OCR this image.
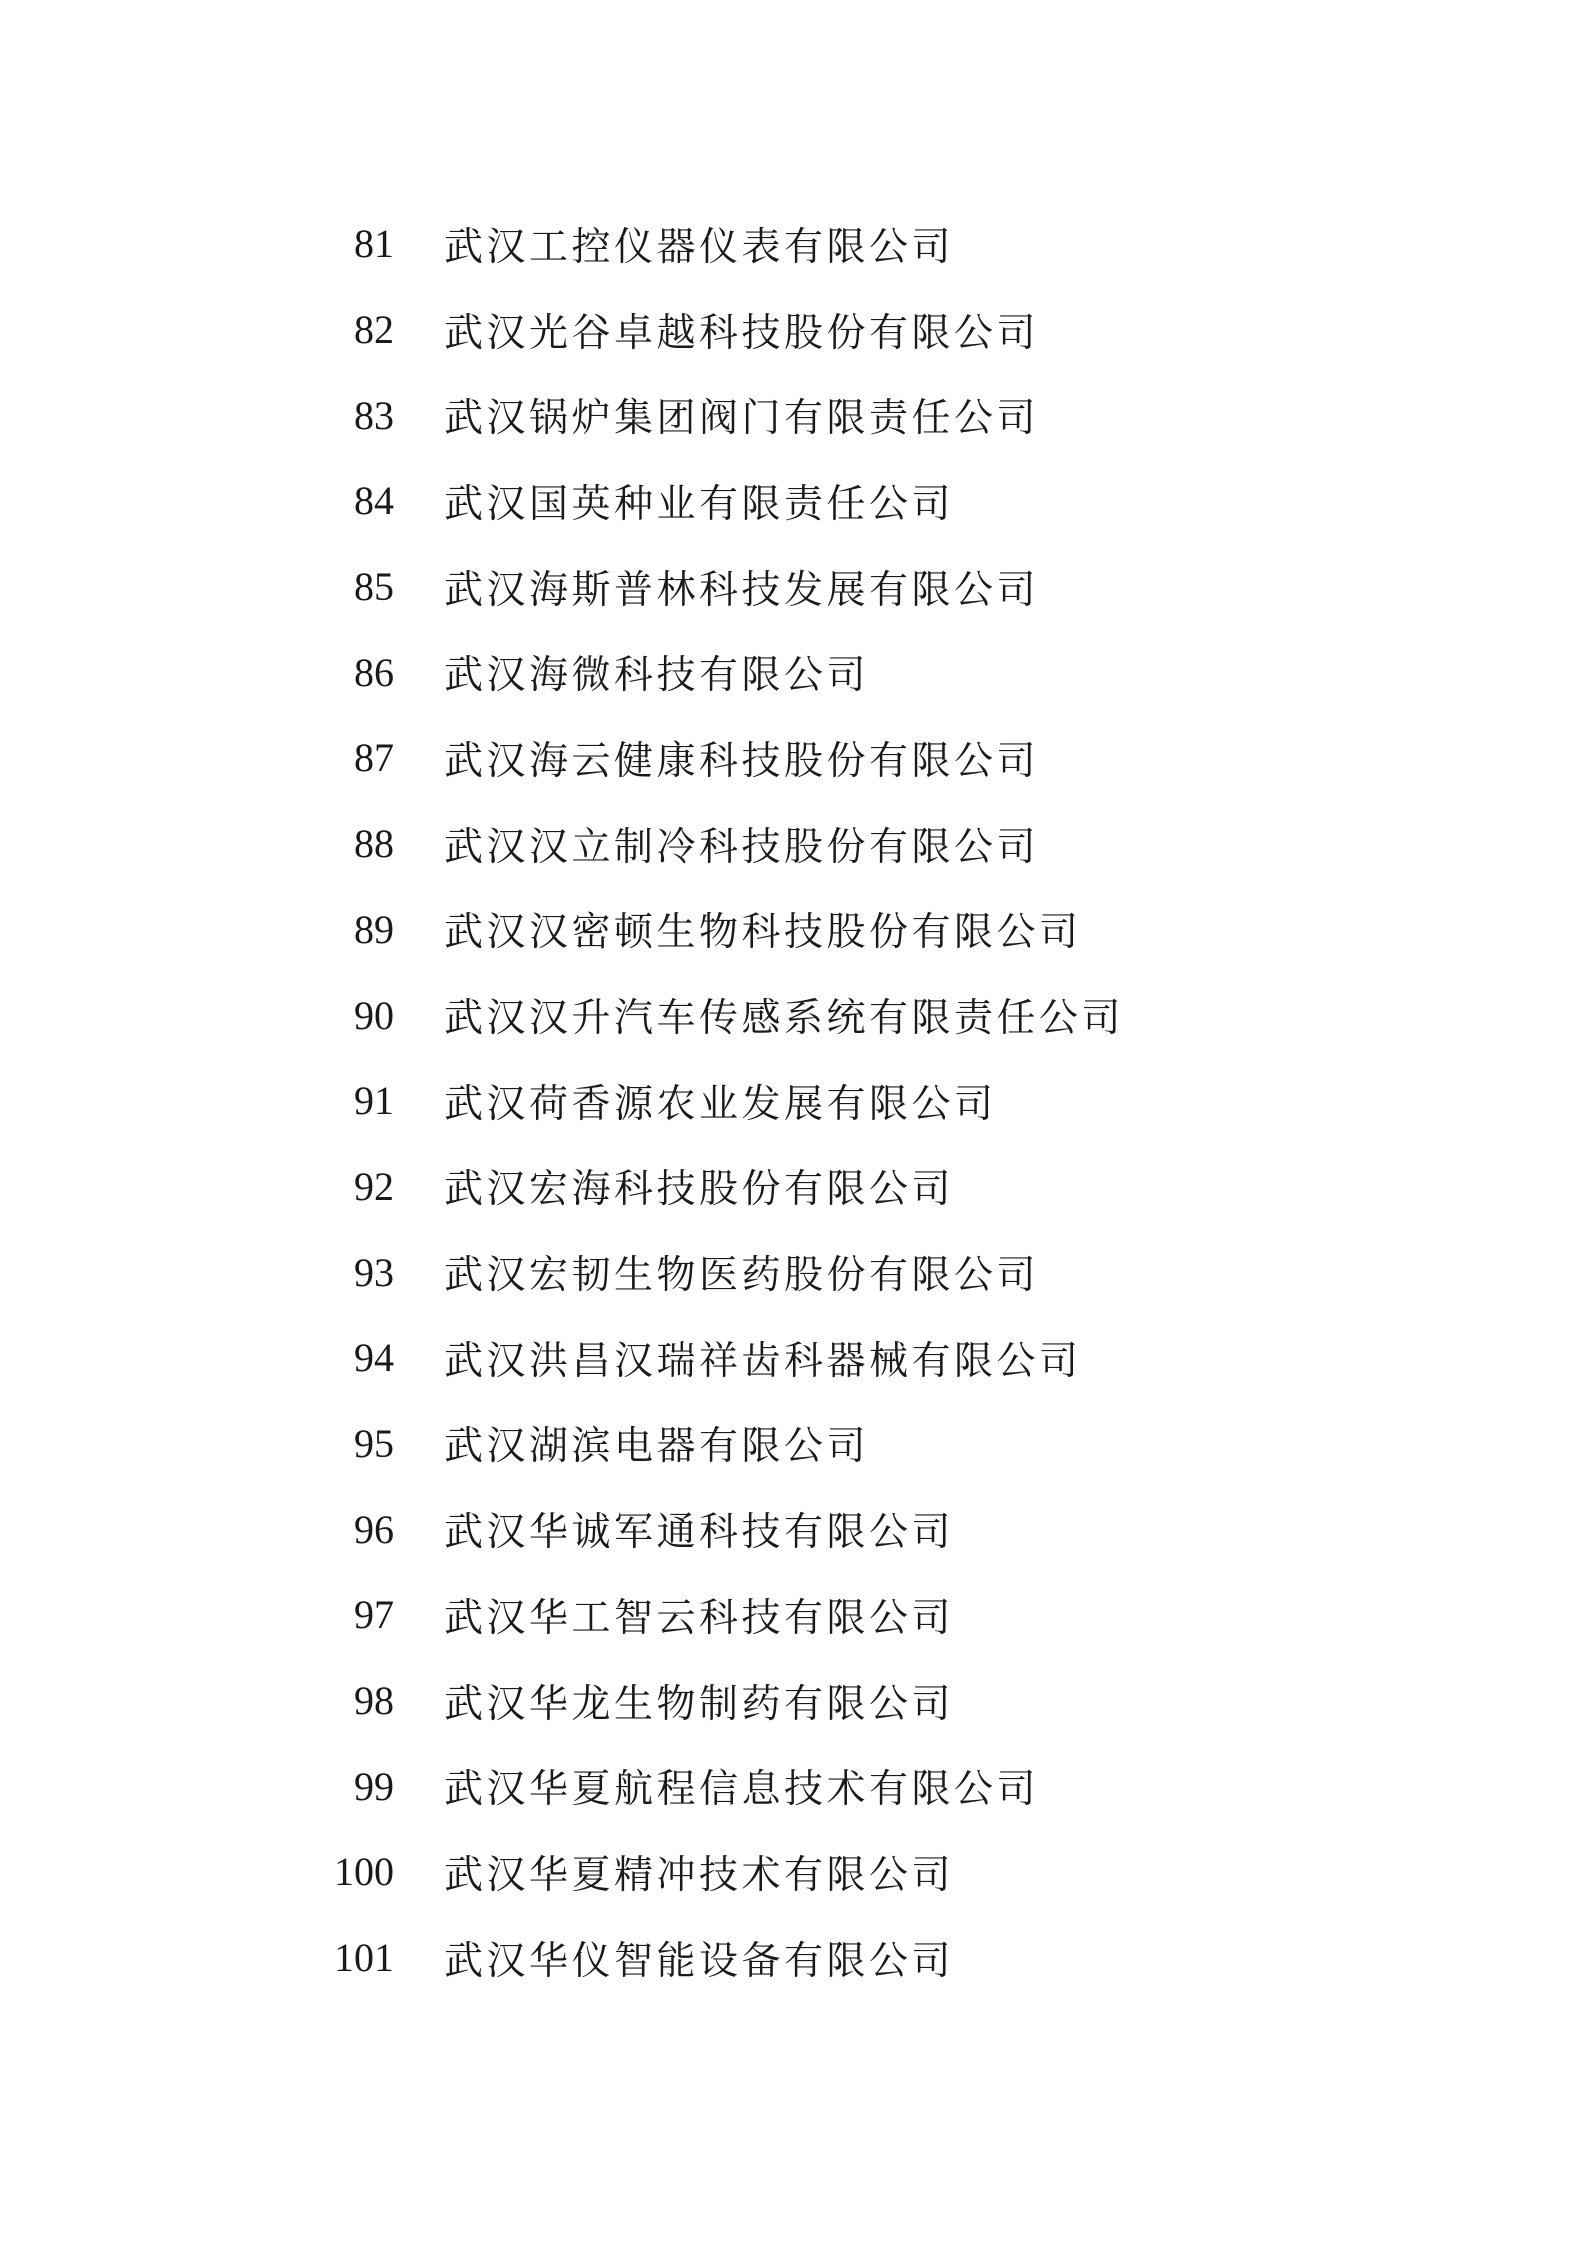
81 武汉工控仪器仪表有限公司
82 武汉光谷卓越科技股份有限公司
83 武汉锅炉集团阀门有限责任公司
84 武汉国英种业有限责任公司
85 武汉海斯普林科技发展有限公司
86 武汉海微科技有限公司
87 武汉海云健康科技股份有限公司
88 武汉汉立制冷科技股份有限公司
89 武汉汉密顿生物科技股份有限公司
90 武汉汉升汽车传感系统有限责任公司
91 武汉荷香源农业发展有限公司
92 武汉宏海科技股份有限公司
93 武汉宏韧生物医药股份有限公司
94 武汉洪昌汉瑞祥齿科器械有限公司
95 武汉湖滨电器有限公司
96 武汉华诚军通科技有限公司
97 武汉华工智云科技有限公司
98 武汉华龙生物制药有限公司
99 武汉华夏航程信息技术有限公司
100 武汉华夏精冲技术有限公司
101 武汉华仪智能设备有限公司
